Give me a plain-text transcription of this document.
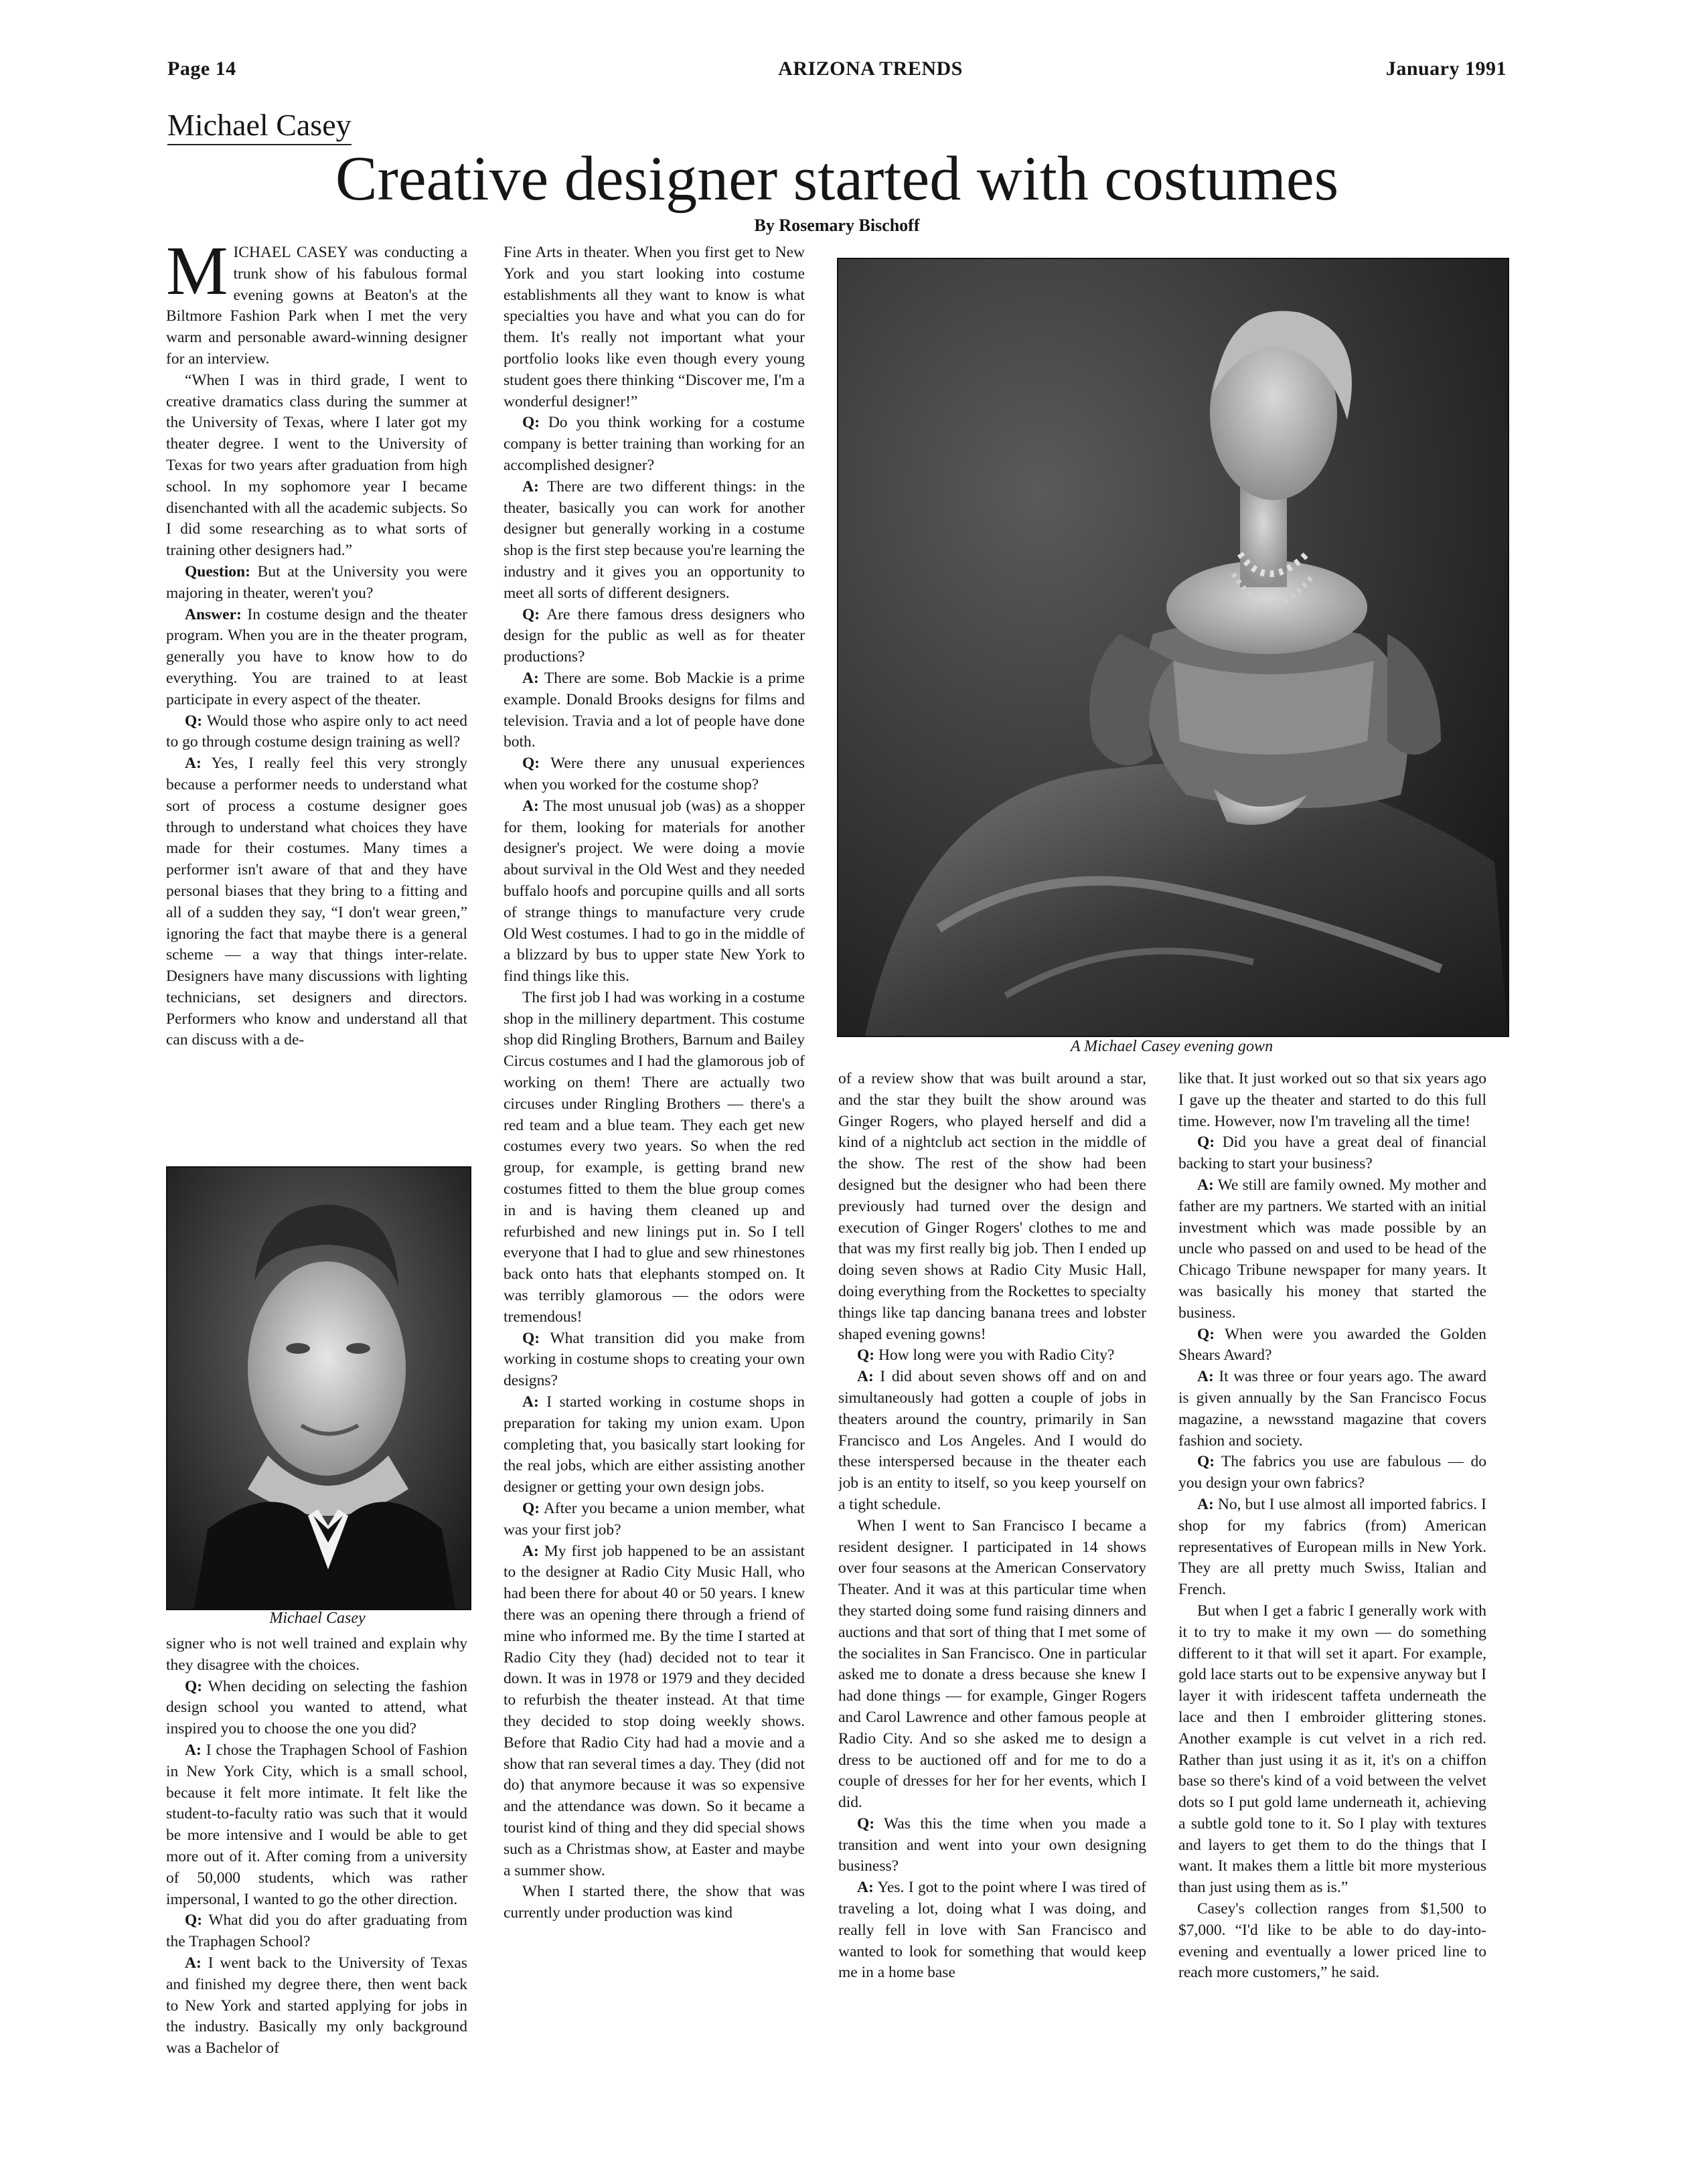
Page 14	ARIZONA TRENDS	January 1991
Michael Casey
Creative designer started with costumes
By Rosemary Bischoff

MICHAEL CASEY was conducting a trunk show of his fabulous formal evening gowns at Beaton's at the Biltmore Fashion Park when I met the very warm and personable award-winning designer for an interview.

“When I was in third grade, I went to creative dramatics class during the summer at the University of Texas, where I later got my theater degree. I went to the University of Texas for two years after graduation from high school. In my sophomore year I became disenchanted with all the academic subjects. So I did some researching as to what sorts of training other designers had.”

Question: But at the University you were majoring in theater, weren't you?

Answer: In costume design and the theater program. When you are in the theater program, generally you have to know how to do everything. You are trained to at least participate in every aspect of the theater.

Q: Would those who aspire only to act need to go through costume design training as well?

A: Yes, I really feel this very strongly because a performer needs to understand what sort of process a costume designer goes through to understand what choices they have made for their costumes. Many times a performer isn't aware of that and they have personal biases that they bring to a fitting and all of a sudden they say, “I don't wear green,” ignoring the fact that maybe there is a general scheme — a way that things inter-relate. Designers have many discussions with lighting technicians, set designers and directors. Performers who know and understand all that can discuss with a de-

Michael Casey

signer who is not well trained and explain why they disagree with the choices.

Q: When deciding on selecting the fashion design school you wanted to attend, what inspired you to choose the one you did?

A: I chose the Traphagen School of Fashion in New York City, which is a small school, because it felt more intimate. It felt like the student-to-faculty ratio was such that it would be more intensive and I would be able to get more out of it. After coming from a university of 50,000 students, which was rather impersonal, I wanted to go the other direction.

Q: What did you do after graduating from the Traphagen School?

A: I went back to the University of Texas and finished my degree there, then went back to New York and started applying for jobs in the industry. Basically my only background was a Bachelor of

Fine Arts in theater. When you first get to New York and you start looking into costume establishments all they want to know is what specialties you have and what you can do for them. It's really not important what your portfolio looks like even though every young student goes there thinking “Discover me, I'm a wonderful designer!”

Q: Do you think working for a costume company is better training than working for an accomplished designer?

A: There are two different things: in the theater, basically you can work for another designer but generally working in a costume shop is the first step because you're learning the industry and it gives you an opportunity to meet all sorts of different designers.

Q: Are there famous dress designers who design for the public as well as for theater productions?

A: There are some. Bob Mackie is a prime example. Donald Brooks designs for films and television. Travia and a lot of people have done both.

Q: Were there any unusual experiences when you worked for the costume shop?

A: The most unusual job (was) as a shopper for them, looking for materials for another designer's project. We were doing a movie about survival in the Old West and they needed buffalo hoofs and porcupine quills and all sorts of strange things to manufacture very crude Old West costumes. I had to go in the middle of a blizzard by bus to upper state New York to find things like this.

The first job I had was working in a costume shop in the millinery department. This costume shop did Ringling Brothers, Barnum and Bailey Circus costumes and I had the glamorous job of working on them! There are actually two circuses under Ringling Brothers — there's a red team and a blue team. They each get new costumes every two years. So when the red group, for example, is getting brand new costumes fitted to them the blue group comes in and is having them cleaned up and refurbished and new linings put in. So I tell everyone that I had to glue and sew rhinestones back onto hats that elephants stomped on. It was terribly glamorous — the odors were tremendous!

Q: What transition did you make from working in costume shops to creating your own designs?

A: I started working in costume shops in preparation for taking my union exam. Upon completing that, you basically start looking for the real jobs, which are either assisting another designer or getting your own design jobs.

Q: After you became a union member, what was your first job?

A: My first job happened to be an assistant to the designer at Radio City Music Hall, who had been there for about 40 or 50 years. I knew there was an opening there through a friend of mine who informed me. By the time I started at Radio City they (had) decided not to tear it down. It was in 1978 or 1979 and they decided to refurbish the theater instead. At that time they decided to stop doing weekly shows. Before that Radio City had had a movie and a show that ran several times a day. They (did not do) that anymore because it was so expensive and the attendance was down. So it became a tourist kind of thing and they did special shows such as a Christmas show, at Easter and maybe a summer show.

When I started there, the show that was currently under production was kind

A Michael Casey evening gown

of a review show that was built around a star, and the star they built the show around was Ginger Rogers, who played herself and did a kind of a nightclub act section in the middle of the show. The rest of the show had been designed but the designer who had been there previously had turned over the design and execution of Ginger Rogers' clothes to me and that was my first really big job. Then I ended up doing seven shows at Radio City Music Hall, doing everything from the Rockettes to specialty things like tap dancing banana trees and lobster shaped evening gowns!

Q: How long were you with Radio City?

A: I did about seven shows off and on and simultaneously had gotten a couple of jobs in theaters around the country, primarily in San Francisco and Los Angeles. And I would do these interspersed because in the theater each job is an entity to itself, so you keep yourself on a tight schedule.

When I went to San Francisco I became a resident designer. I participated in 14 shows over four seasons at the American Conservatory Theater. And it was at this particular time when they started doing some fund raising dinners and auctions and that sort of thing that I met some of the socialites in San Francisco. One in particular asked me to donate a dress because she knew I had done things — for example, Ginger Rogers and Carol Lawrence and other famous people at Radio City. And so she asked me to design a dress to be auctioned off and for me to do a couple of dresses for her for her events, which I did.

Q: Was this the time when you made a transition and went into your own designing business?

A: Yes. I got to the point where I was tired of traveling a lot, doing what I was doing, and really fell in love with San Francisco and wanted to look for something that would keep me in a home base

like that. It just worked out so that six years ago I gave up the theater and started to do this full time. However, now I'm traveling all the time!

Q: Did you have a great deal of financial backing to start your business?

A: We still are family owned. My mother and father are my partners. We started with an initial investment which was made possible by an uncle who passed on and used to be head of the Chicago Tribune newspaper for many years. It was basically his money that started the business.

Q: When were you awarded the Golden Shears Award?

A: It was three or four years ago. The award is given annually by the San Francisco Focus magazine, a newsstand magazine that covers fashion and society.

Q: The fabrics you use are fabulous — do you design your own fabrics?

A: No, but I use almost all imported fabrics. I shop for my fabrics (from) American representatives of European mills in New York. They are all pretty much Swiss, Italian and French.

But when I get a fabric I generally work with it to try to make it my own — do something different to it that will set it apart. For example, gold lace starts out to be expensive anyway but I layer it with iridescent taffeta underneath the lace and then I embroider glittering stones. Another example is cut velvet in a rich red. Rather than just using it as it, it's on a chiffon base so there's kind of a void between the velvet dots so I put gold lame underneath it, achieving a subtle gold tone to it. So I play with textures and layers to get them to do the things that I want. It makes them a little bit more mysterious than just using them as is.”

Casey's collection ranges from $1,500 to $7,000. “I'd like to be able to do day-into-evening and eventually a lower priced line to reach more customers,” he said.
